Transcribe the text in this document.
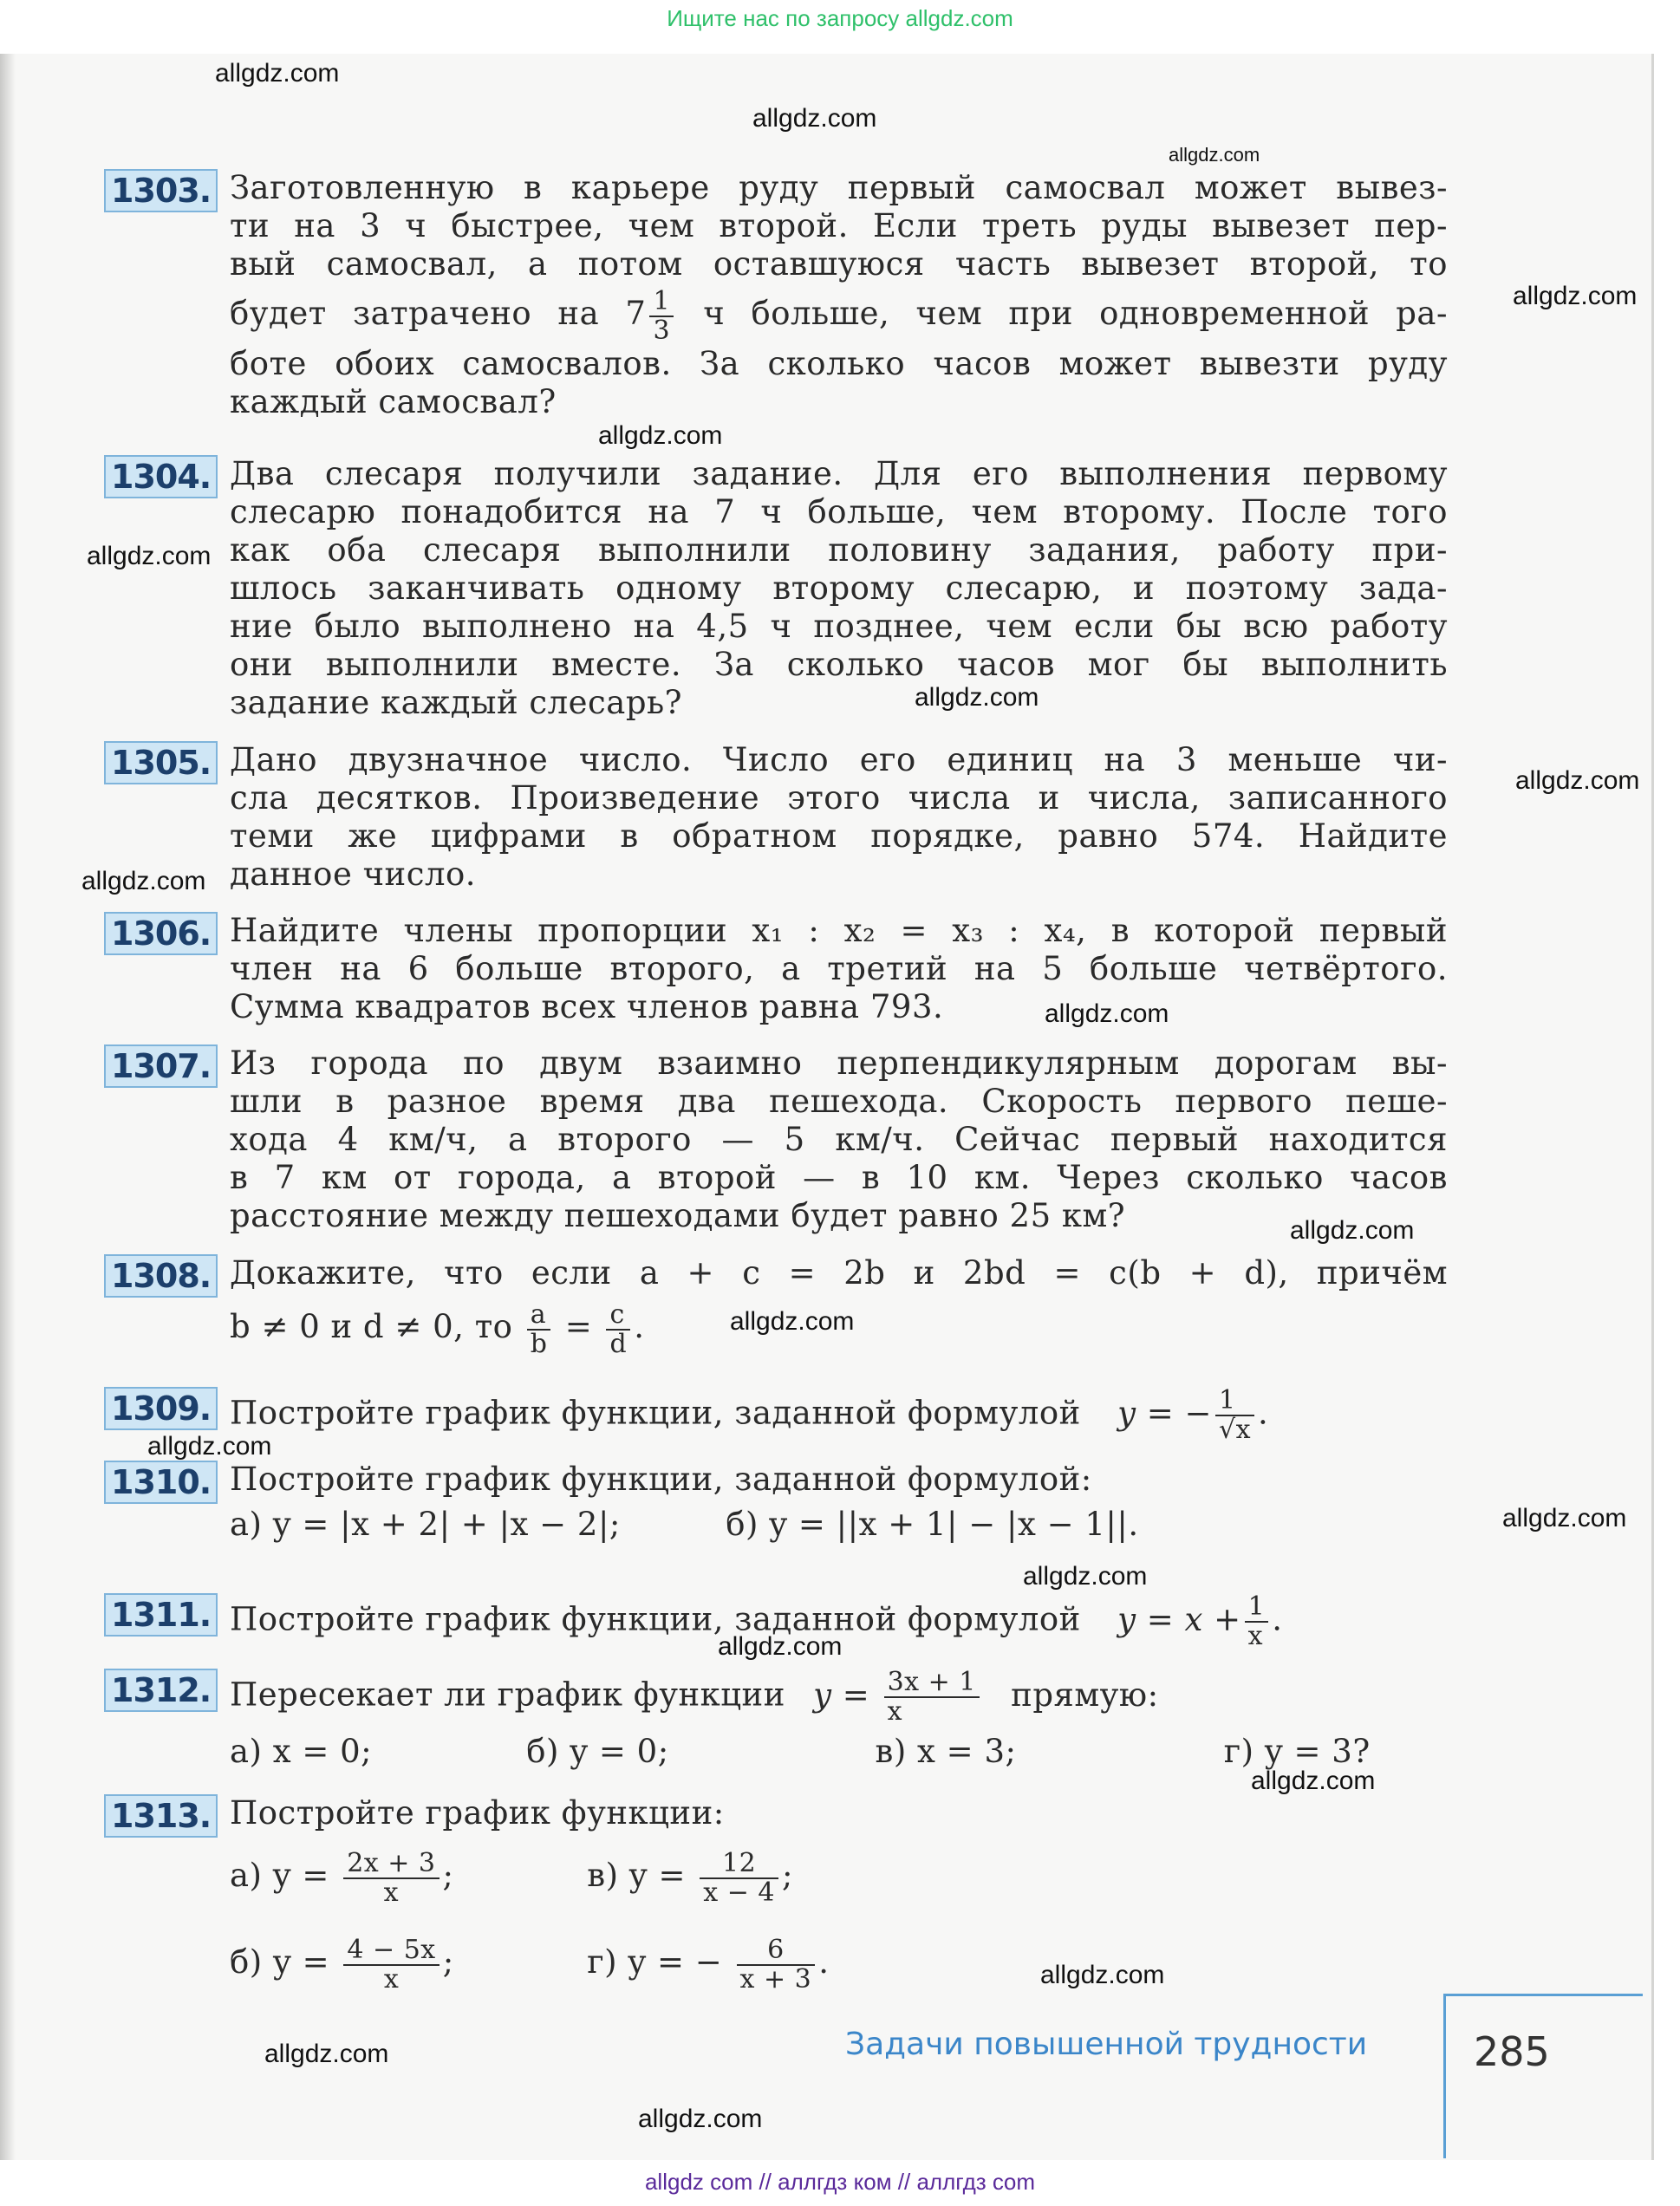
Ищите нас по запросу allgdz.com
allgdz.com
allgdz.com
allgdz.com
allgdz.com
allgdz.com
allgdz.com
allgdz.com
allgdz.com
allgdz.com
allgdz.com
allgdz.com
allgdz.com
allgdz.com
allgdz.com
allgdz.com
allgdz.com
allgdz.com
allgdz.com
allgdz.com
allgdz.com
1303. Заготовленную в карьере руду первый самосвал может вывез-
ти на 3 ч быстрее, чем второй. Если треть руды вывезет пер-
вый самосвал, а потом оставшуюся часть вывезет второй, то
будет затрачено на $7 \frac{1}{3}$ ч больше, чем при одновременной ра-
боте обоих самосвалов. За сколько часов может вывезти руду
каждый самосвал?
1304. Два слесаря получили задание. Для его выполнения первому
слесарю понадобится на 7 ч больше, чем второму. После того
как оба слесаря выполнили половину задания, работу при-
шлось заканчивать одному второму слесарю, и поэтому зада-
ние было выполнено на 4,5 ч позднее, чем если бы всю работу
они выполнили вместе. За сколько часов мог бы выполнить
задание каждый слесарь?
1305. Дано двузначное число. Число его единиц на 3 меньше чи-
сла десятков. Произведение этого числа и числа, записанного
теми же цифрами в обратном порядке, равно 574. Найдите
данное число.
1306. Найдите члены пропорции x₁ : x₂ = x₃ : x₄, в которой первый
член на 6 больше второго, а третий на 5 больше четвёртого.
Сумма квадратов всех членов равна 793.
1307. Из города по двум взаимно перпендикулярным дорогам вы-
шли в разное время два пешехода. Скорость первого пеше-
хода 4 км/ч, а второго — 5 км/ч. Сейчас первый находится
в 7 км от города, а второй — в 10 км. Через сколько часов
расстояние между пешеходами будет равно 25 км?
1308. Докажите, что если a + c = 2b и 2bd = c(b + d), причём
b ≠ 0 и d ≠ 0, то $\frac{a}{b} = \frac{c}{d}$ .
1309. Постройте график функции, заданной формулой y = − $\frac{1}{√x}$ .
1310. Постройте график функции, заданной формулой:
а) y = |x + 2| + |x − 2|;	б) y = ||x + 1| − |x − 1||.
1311. Постройте график функции, заданной формулой $y = x + \frac{1}{x}$ .
1312. Пересекает ли график функции $y = \frac{3x + 1}{x}$ прямую:
а) x = 0;	б) y = 0;	в) x = 3;	г) y = 3?
1313. Постройте график функции:
а) $y = \frac{2x + 3}{x}$ ;	в) $y = \frac{12}{x - 4}$ ;
б) $y = \frac{4 - 5x}{x}$ ;	г) y = − $\frac{6}{x + 3}$ .
Задачи повышенной трудности	285
allgdz com // аллгдз ком // аллгдз com
